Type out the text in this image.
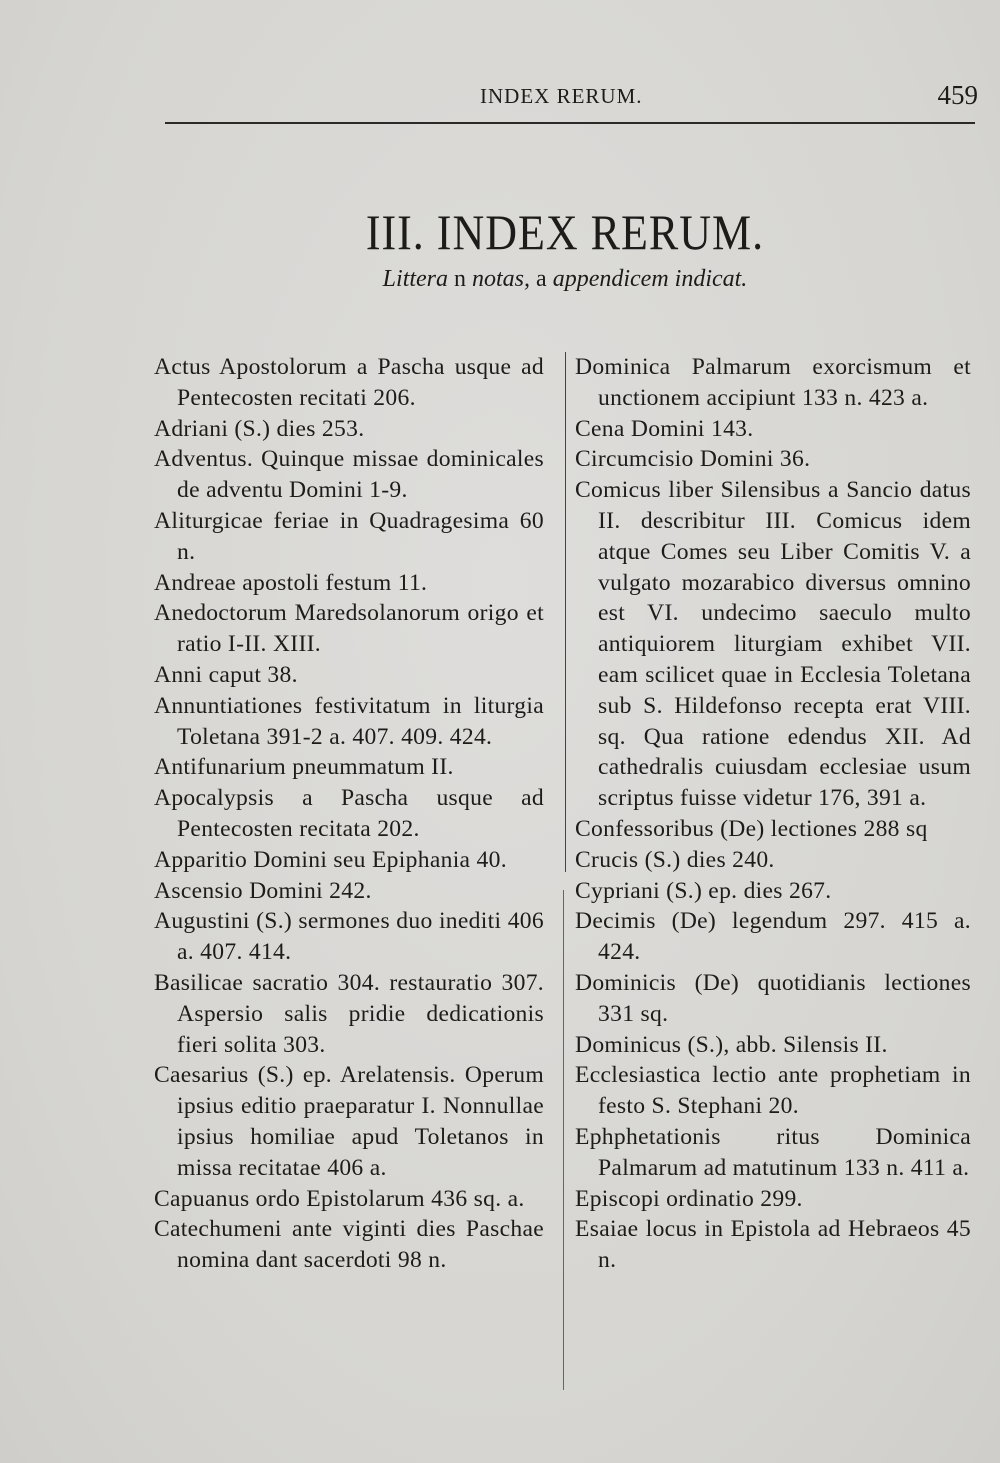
INDEX RERUM.	459
III. INDEX RERUM.
Littera n notas, a appendicem indicat.

Actus Apostolorum a Pascha usque ad Pentecosten recitati 206.

Adriani (S.) dies 253.

Adventus. Quinque missae dominicales de adventu Domini 1-9.

Aliturgicae feriae in Quadragesima 60 n.

Andreae apostoli festum 11.

Anedoctorum Maredsolanorum origo et ratio I-II. XIII.

Anni caput 38.

Annuntiationes festivitatum in liturgia Toletana 391-2 a. 407. 409. 424.

Antifunarium pneummatum II.

Apocalypsis a Pascha usque ad Pentecosten recitata 202.

Apparitio Domini seu Epiphania 40.

Ascensio Domini 242.

Augustini (S.) sermones duo inediti 406 a. 407. 414.

Basilicae sacratio 304. restauratio 307. Aspersio salis pridie dedicationis fieri solita 303.

Caesarius (S.) ep. Arelatensis. Operum ipsius editio praeparatur I. Nonnullae ipsius homiliae apud Toletanos in missa recitatae 406 a.

Capuanus ordo Epistolarum 436 sq. a.

Catechumeni ante viginti dies Paschae nomina dant sacerdoti 98 n.

Dominica Palmarum exorcismum et unctionem accipiunt 133 n. 423 a.

Cena Domini 143.

Circumcisio Domini 36.

Comicus liber Silensibus a Sancio datus II. describitur III. Comicus idem atque Comes seu Liber Comitis V. a vulgato mozarabico diversus omnino est VI. undecimo saeculo multo antiquiorem liturgiam exhibet VII. eam scilicet quae in Ecclesia Toletana sub S. Hildefonso recepta erat VIII. sq. Qua ratione edendus XII. Ad cathedralis cuiusdam ecclesiae usum scriptus fuisse videtur 176, 391 a.

Confessoribus (De) lectiones 288 sq

Crucis (S.) dies 240.

Cypriani (S.) ep. dies 267.

Decimis (De) legendum 297. 415 a. 424.

Dominicis (De) quotidianis lectiones 331 sq.

Dominicus (S.), abb. Silensis II.

Ecclesiastica lectio ante prophetiam in festo S. Stephani 20.

Ephphetationis ritus Dominica Palmarum ad matutinum 133 n. 411 a.

Episcopi ordinatio 299.

Esaiae locus in Epistola ad Hebraeos 45 n.
